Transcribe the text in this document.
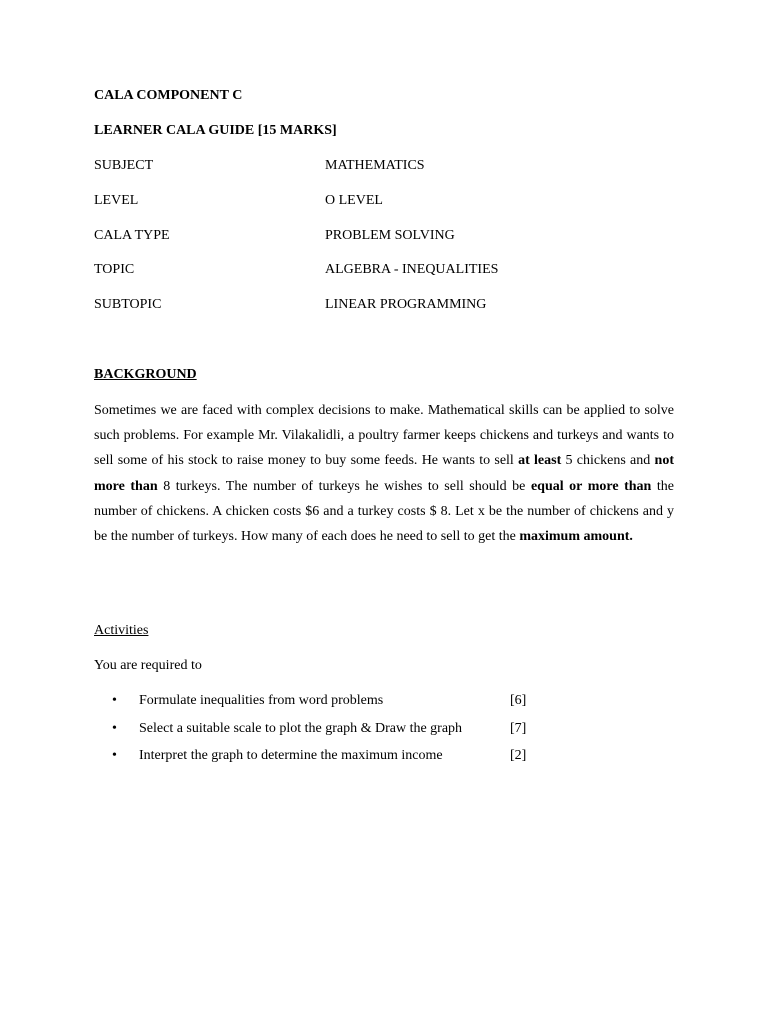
CALA COMPONENT C
LEARNER CALA GUIDE [15 MARKS]
SUBJECT	MATHEMATICS
LEVEL	O LEVEL
CALA TYPE	PROBLEM SOLVING
TOPIC	ALGEBRA - INEQUALITIES
SUBTOPIC	LINEAR PROGRAMMING
BACKGROUND
Sometimes we are faced with complex decisions to make. Mathematical skills can be applied to solve such problems. For example Mr. Vilakalidli, a poultry farmer keeps chickens and turkeys and wants to sell some of his stock to raise money to buy some feeds. He wants to sell at least 5 chickens and not more than 8 turkeys. The number of turkeys he wishes to sell should be equal or more than the number of chickens. A chicken costs $6 and a turkey costs $ 8. Let x be the number of chickens and y be the number of turkeys. How many of each does he need to sell to get the maximum amount.
Activities
You are required to
• Formulate inequalities from word problems	[6]
• Select a suitable scale to plot the graph & Draw the graph	[7]
• Interpret the graph to determine the maximum income	[2]
